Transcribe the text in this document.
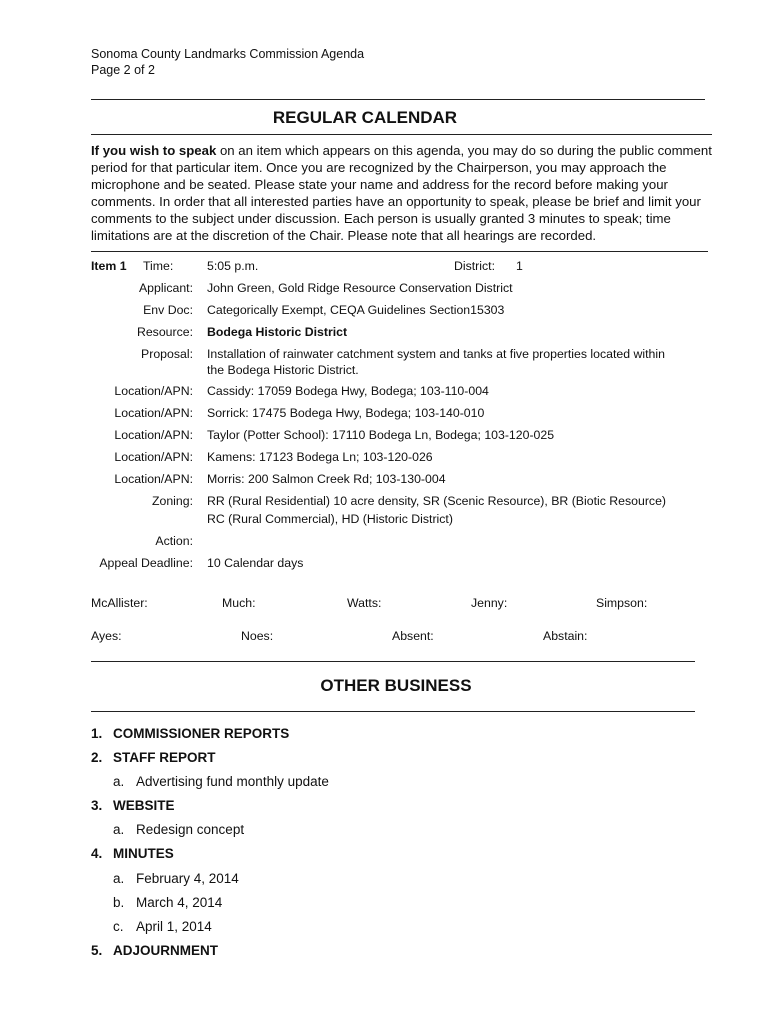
Sonoma County Landmarks Commission Agenda
Page 2 of 2
REGULAR CALENDAR
If you wish to speak on an item which appears on this agenda, you may do so during the public comment period for that particular item. Once you are recognized by the Chairperson, you may approach the microphone and be seated. Please state your name and address for the record before making your comments. In order that all interested parties have an opportunity to speak, please be brief and limit your comments to the subject under discussion. Each person is usually granted 3 minutes to speak; time limitations are at the discretion of the Chair. Please note that all hearings are recorded.
Item 1 Time:	5:05 p.m.	District: 1
Applicant: John Green, Gold Ridge Resource Conservation District
Env Doc: Categorically Exempt, CEQA Guidelines Section15303
Resource: Bodega Historic District
Proposal: Installation of rainwater catchment system and tanks at five properties located within
the Bodega Historic District.
Location/APN: Cassidy: 17059 Bodega Hwy, Bodega; 103-110-004
Location/APN: Sorrick: 17475 Bodega Hwy, Bodega; 103-140-010
Location/APN: Taylor (Potter School): 17110 Bodega Ln, Bodega; 103-120-025
Location/APN: Kamens: 17123 Bodega Ln; 103-120-026
Location/APN: Morris: 200 Salmon Creek Rd; 103-130-004
Zoning: RR (Rural Residential) 10 acre density, SR (Scenic Resource), BR (Biotic Resource)
RC (Rural Commercial), HD (Historic District)
Action:
Appeal Deadline: 10 Calendar days
McAllister:	Much:	Watts:	Jenny:	Simpson:
Ayes:	Noes:	Absent:	Abstain:
OTHER BUSINESS
1. COMMISSIONER REPORTS
2. STAFF REPORT
a. Advertising fund monthly update
3. WEBSITE
a. Redesign concept
4. MINUTES
a. February 4, 2014
b. March 4, 2014
c. April 1, 2014
5. ADJOURNMENT
